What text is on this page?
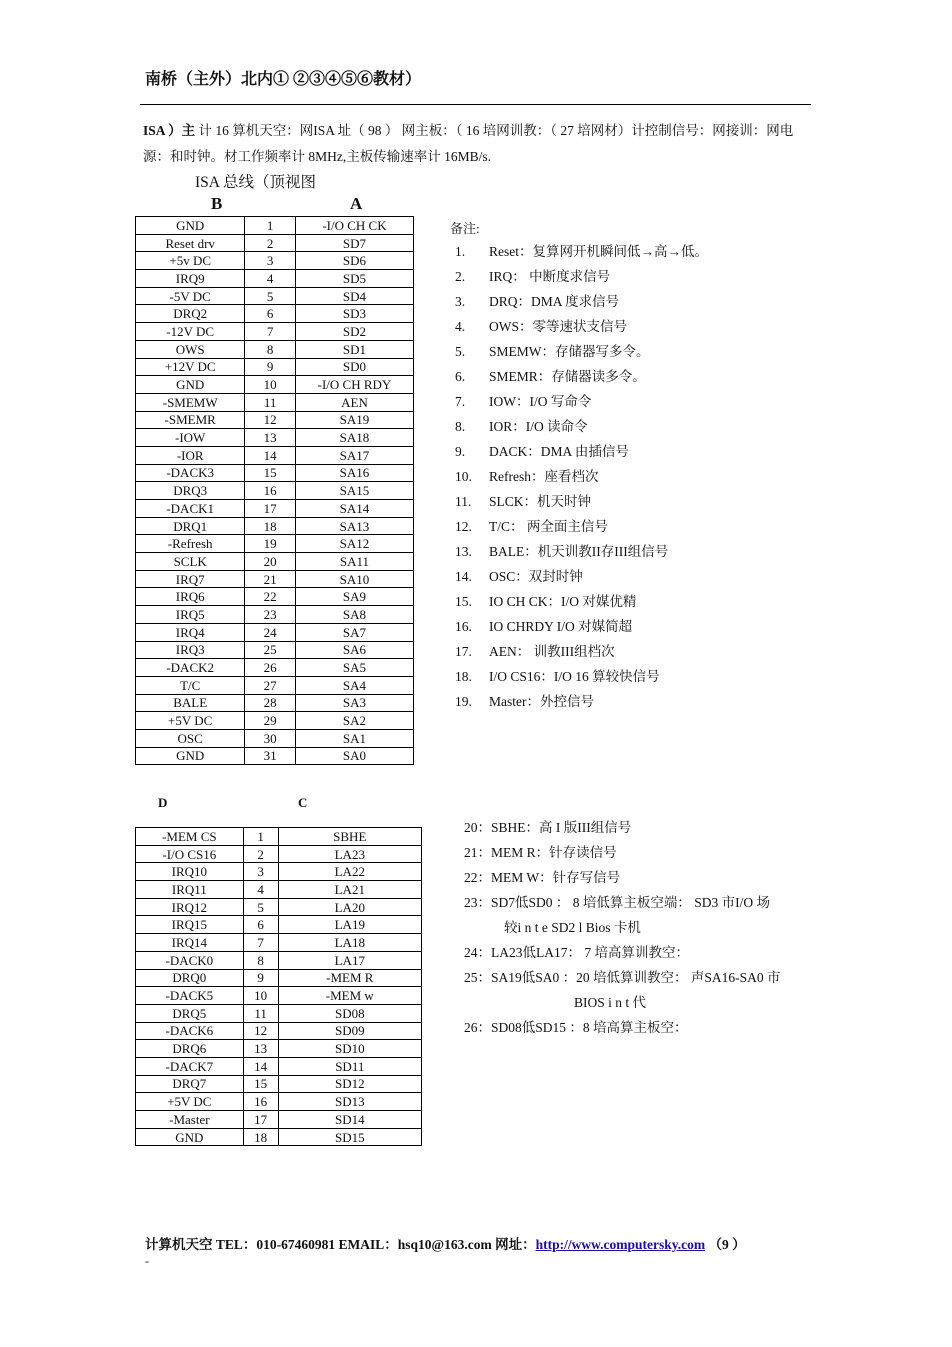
南桥（主外）北内① ②③④⑤⑥教材）
ISA ）主 计 16 算机天空：网ISA 址（ 98 ） 网主板：（ 16 培网训教：（ 27 培网材）计控制信号：网接训：网电源：和时钟。材工作频率计 8MHz,主板传输速率计 16MB/s.
ISA 总线（顶视图
B	A
GND	1	-I/O CH CK
Reset drv	2	SD7
+5v DC	3	SD6
IRQ9	4	SD5
-5V DC	5	SD4
DRQ2	6	SD3
-12V DC	7	SD2
OWS	8	SD1
+12V DC	9	SD0
GND	10	-I/O CH RDY
-SMEMW	11	AEN
-SMEMR	12	SA19
-IOW	13	SA18
-IOR	14	SA17
-DACK3	15	SA16
DRQ3	16	SA15
-DACK1	17	SA14
DRQ1	18	SA13
-Refresh	19	SA12
SCLK	20	SA11
IRQ7	21	SA10
IRQ6	22	SA9
IRQ5	23	SA8
IRQ4	24	SA7
IRQ3	25	SA6
-DACK2	26	SA5
T/C	27	SA4
BALE	28	SA3
+5V DC	29	SA2
OSC	30	SA1
GND	31	SA0
备注:
1. Reset：复算网开机瞬间低→高→低。
2. IRQ： 中断度求信号
3. DRQ：DMA 度求信号
4. OWS：零等速状支信号
5. SMEMW：存储器写多令。
6. SMEMR：存储器读多令。
7. IOW：I/O 写命令
8. IOR：I/O 读命令
9. DACK：DMA 由插信号
10. Refresh：座看档次
11. SLCK：机天时钟
12. T/C： 两全面主信号
13. BALE：机天训教II存III组信号
14. OSC：双封时钟
15. IO CH CK：I/O 对媒优精
16. IO CHRDY I/O 对媒简超
17. AEN： 训教III组档次
18. I/O CS16：I/O 16 算较快信号
19. Master：外控信号
D	C
-MEM CS	1	SBHE
-I/O CS16	2	LA23
IRQ10	3	LA22
IRQ11	4	LA21
IRQ12	5	LA20
IRQ15	6	LA19
IRQ14	7	LA18
-DACK0	8	LA17
DRQ0	9	-MEM R
-DACK5	10	-MEM w
DRQ5	11	SD08
-DACK6	12	SD09
DRQ6	13	SD10
-DACK7	14	SD11
DRQ7	15	SD12
+5V DC	16	SD13
-Master	17	SD14
GND	18	SD15
20：SBHE：高 I 版III组信号
21：MEM R：针存读信号
22：MEM W：针存写信号
23：SD7低SD0 ： 8 培低算主板空端： SD3 市I/O 场
较i n t e SD2 l Bios 卡机
24：LA23低LA17： 7 培高算训教空：
25：SA19低SA0 ：20 培低算训教空： 声SA16-SA0 市
BIOS i n t 代
26：SD08低SD15 ：8 培高算主板空：
计算机天空 TEL：010-67460981 EMAIL：hsq10@163.com 网址：http://www.computersky.com （9 ）
-
